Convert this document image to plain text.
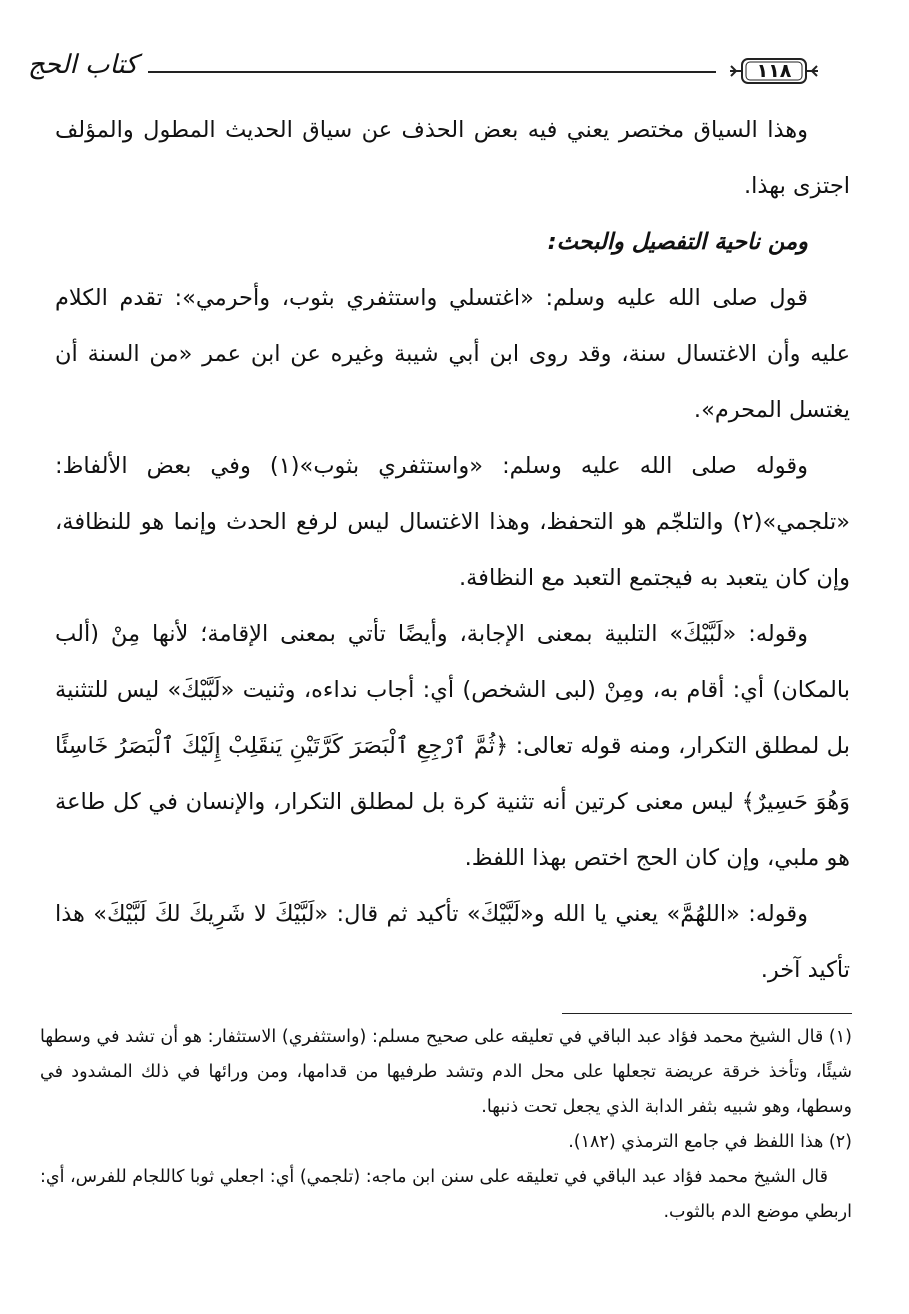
كتاب الحج	١١٨

وهذا السياق مختصر يعني فيه بعض الحذف عن سياق الحديث المطول والمؤلف اجتزى بهذا.

ومن ناحية التفصيل والبحث:

قول صلى الله عليه وسلم: «اغتسلي واستثفري بثوب، وأحرمي»: تقدم الكلام عليه وأن الاغتسال سنة، وقد روى ابن أبي شيبة وغيره عن ابن عمر «من السنة أن يغتسل المحرم».

وقوله صلى الله عليه وسلم: «واستثفري بثوب»(١) وفي بعض الألفاظ: «تلجمي»(٢) والتلجّم هو التحفظ، وهذا الاغتسال ليس لرفع الحدث وإنما هو للنظافة، وإن كان يتعبد به فيجتمع التعبد مع النظافة.

وقوله: «لَبَّيْكَ» التلبية بمعنى الإجابة، وأيضًا تأتي بمعنى الإقامة؛ لأنها مِنْ (ألب بالمكان) أي: أقام به، ومِنْ (لبى الشخص) أي: أجاب نداءه، وثنيت «لَبَّيْكَ» ليس للتثنية بل لمطلق التكرار، ومنه قوله تعالى: ﴿ثُمَّ ٱرْجِعِ ٱلْبَصَرَ كَرَّتَيْنِ يَنقَلِبْ إِلَيْكَ ٱلْبَصَرُ خَاسِئًا وَهُوَ حَسِيرٌ﴾ ليس معنى كرتين أنه تثنية كرة بل لمطلق التكرار، والإنسان في كل طاعة هو ملبي، وإن كان الحج اختص بهذا اللفظ.

وقوله: «اللهُمَّ» يعني يا الله و«لَبَّيْكَ» تأكيد ثم قال: «لَبَّيْكَ لا شَرِيكَ لكَ لَبَّيْكَ» هذا تأكيد آخر.

(١) قال الشيخ محمد فؤاد عبد الباقي في تعليقه على صحيح مسلم: (واستثفري) الاستثفار: هو أن تشد في وسطها شيئًا، وتأخذ خرقة عريضة تجعلها على محل الدم وتشد طرفيها من قدامها، ومن ورائها في ذلك المشدود في وسطها، وهو شبيه بثفر الدابة الذي يجعل تحت ذنبها.

(٢) هذا اللفظ في جامع الترمذي (١٨٢).

قال الشيخ محمد فؤاد عبد الباقي في تعليقه على سنن ابن ماجه: (تلجمي) أي: اجعلي ثوبا كاللجام للفرس، أي: اربطي موضع الدم بالثوب.
